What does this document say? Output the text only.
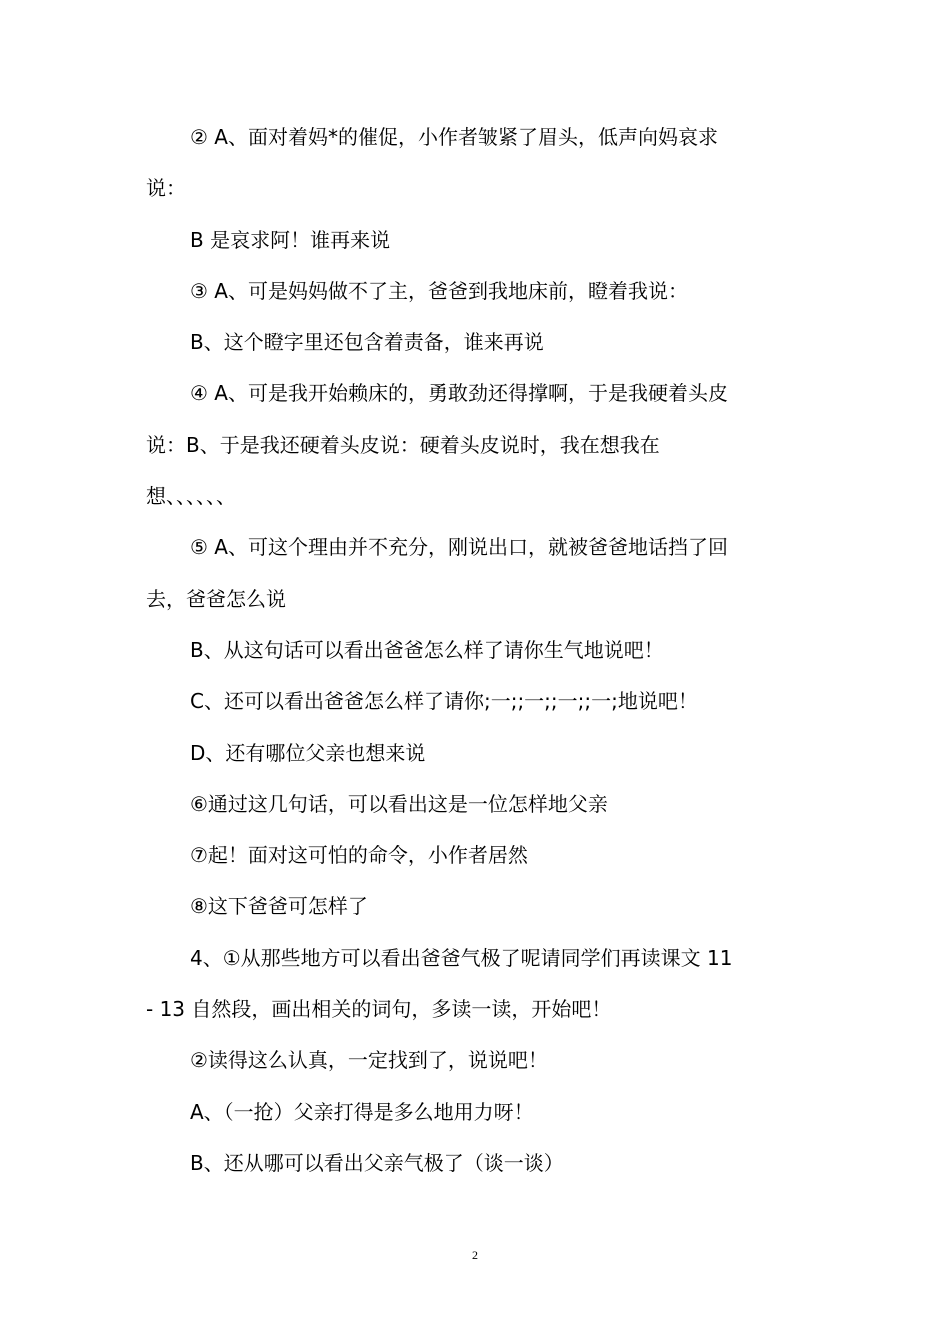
② A、面对着妈*的催促，小作者皱紧了眉头，低声向妈哀求
说：
B 是哀求阿！谁再来说
③ A、可是妈妈做不了主，爸爸到我地床前，瞪着我说：
B、这个瞪字里还包含着责备，谁来再说
④ A、可是我开始赖床的，勇敢劲还得撑啊，于是我硬着头皮
说：B、于是我还硬着头皮说：硬着头皮说时，我在想我在
想、、、、、、
⑤ A、可这个理由并不充分，刚说出口，就被爸爸地话挡了回
去，爸爸怎么说
B、从这句话可以看出爸爸怎么样了请你生气地说吧！
C、还可以看出爸爸怎么样了请你;一;;一;;一;;一;地说吧！
D、还有哪位父亲也想来说
⑥通过这几句话，可以看出这是一位怎样地父亲
⑦起！面对这可怕的命令，小作者居然
⑧这下爸爸可怎样了
4、①从那些地方可以看出爸爸气极了呢请同学们再读课文 11
- 13 自然段，画出相关的词句，多读一读，开始吧！
②读得这么认真，一定找到了，说说吧！
A、（一抢）父亲打得是多么地用力呀！
B、还从哪可以看出父亲气极了（谈一谈）
2
